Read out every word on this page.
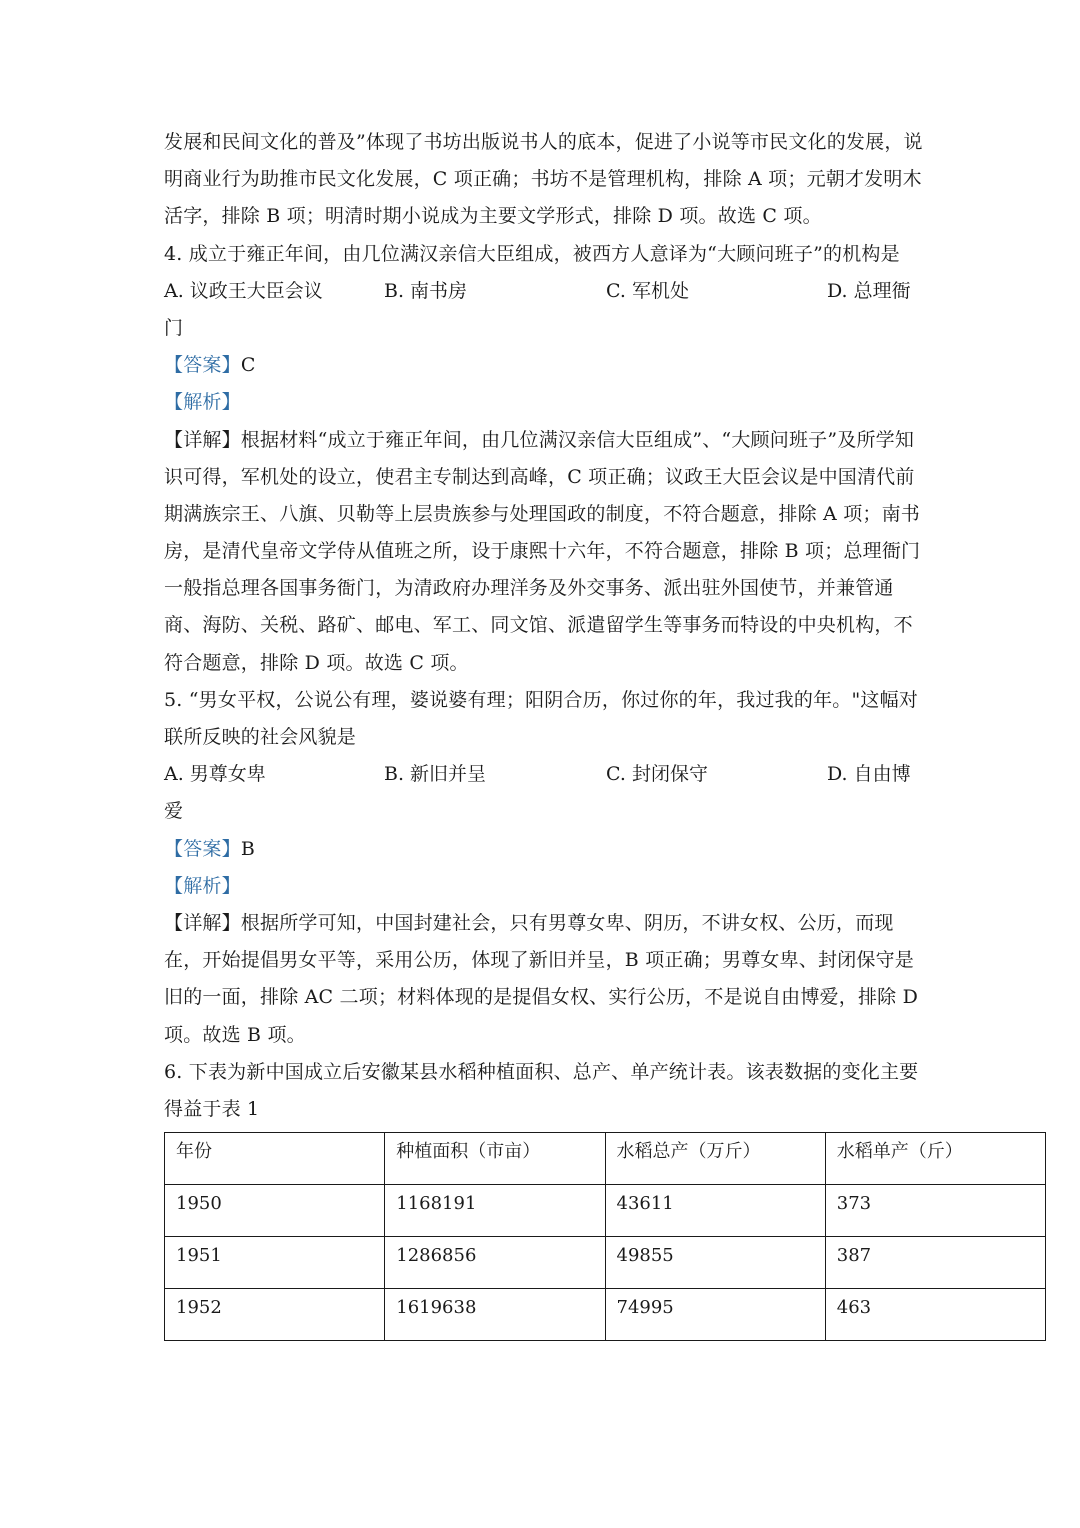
发展和民间文化的普及”体现了书坊出版说书人的底本，促进了小说等市民文化的发展，说
明商业行为助推市民文化发展，C 项正确；书坊不是管理机构，排除 A 项；元朝才发明木
活字，排除 B 项；明清时期小说成为主要文学形式，排除 D 项。故选 C 项。
4. 成立于雍正年间，由几位满汉亲信大臣组成，被西方人意译为“大顾问班子”的机构是
A. 议政王大臣会议	B. 南书房	C. 军机处	D. 总理衙
门
【答案】C
【解析】
【详解】根据材料“成立于雍正年间，由几位满汉亲信大臣组成”、“大顾问班子”及所学知
识可得，军机处的设立，使君主专制达到高峰，C 项正确；议政王大臣会议是中国清代前
期满族宗王、八旗、贝勒等上层贵族参与处理国政的制度，不符合题意，排除 A 项；南书
房，是清代皇帝文学侍从值班之所，设于康熙十六年，不符合题意，排除 B 项；总理衙门
一般指总理各国事务衙门，为清政府办理洋务及外交事务、派出驻外国使节，并兼管通
商、海防、关税、路矿、邮电、军工、同文馆、派遣留学生等事务而特设的中央机构，不
符合题意，排除 D 项。故选 C 项。
5. “男女平权，公说公有理，婆说婆有理；阳阴合历，你过你的年，我过我的年。"这幅对
联所反映的社会风貌是
A. 男尊女卑	B. 新旧并呈	C. 封闭保守	D. 自由博
爱
【答案】B
【解析】
【详解】根据所学可知，中国封建社会，只有男尊女卑、阴历，不讲女权、公历，而现
在，开始提倡男女平等，采用公历，体现了新旧并呈，B 项正确；男尊女卑、封闭保守是
旧的一面，排除 AC 二项；材料体现的是提倡女权、实行公历，不是说自由博爱，排除 D
项。故选 B 项。
6. 下表为新中国成立后安徽某县水稻种植面积、总产、单产统计表。该表数据的变化主要
得益于表 1
年份	种植面积（市亩）	水稻总产（万斤）	水稻单产（斤）
1950	1168191	43611	373
1951	1286856	49855	387
1952	1619638	74995	463
